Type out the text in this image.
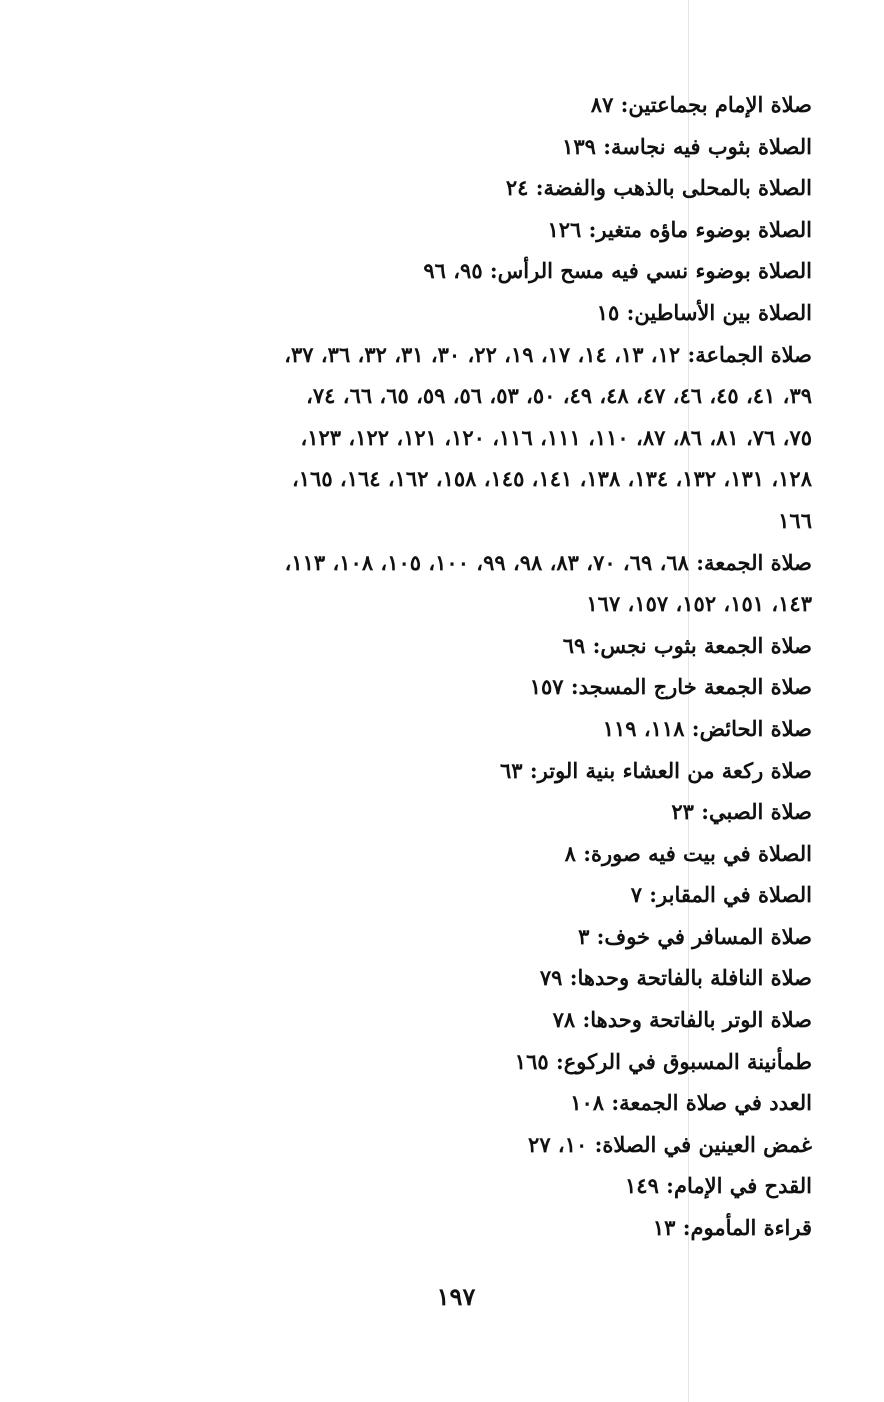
صلاة الإمام بجماعتين: ٨٧
الصلاة بثوب فيه نجاسة: ١٣٩
الصلاة بالمحلى بالذهب والفضة: ٢٤
الصلاة بوضوء ماؤه متغير: ١٢٦
الصلاة بوضوء نسي فيه مسح الرأس: ٩٥، ٩٦
الصلاة بين الأساطين: ١٥
صلاة الجماعة: ١٢، ١٣، ١٤، ١٧، ١٩، ٢٢، ٣٠، ٣١، ٣٢، ٣٦، ٣٧،
٣٩، ٤١، ٤٥، ٤٦، ٤٧، ٤٨، ٤٩، ٥٠، ٥٣، ٥٦، ٥٩، ٦٥، ٦٦، ٧٤،
٧٥، ٧٦، ٨١، ٨٦، ٨٧، ١١٠، ١١١، ١١٦، ١٢٠، ١٢١، ١٢٢، ١٢٣،
١٢٨، ١٣١، ١٣٢، ١٣٤، ١٣٨، ١٤١، ١٤٥، ١٥٨، ١٦٢، ١٦٤، ١٦٥،
١٦٦
صلاة الجمعة: ٦٨، ٦٩، ٧٠، ٨٣، ٩٨، ٩٩، ١٠٠، ١٠٥، ١٠٨، ١١٣،
١٤٣، ١٥١، ١٥٢، ١٥٧، ١٦٧
صلاة الجمعة بثوب نجس: ٦٩
صلاة الجمعة خارج المسجد: ١٥٧
صلاة الحائض: ١١٨، ١١٩
صلاة ركعة من العشاء بنية الوتر: ٦٣
صلاة الصبي: ٢٣
الصلاة في بيت فيه صورة: ٨
الصلاة في المقابر: ٧
صلاة المسافر في خوف: ٣
صلاة النافلة بالفاتحة وحدها: ٧٩
صلاة الوتر بالفاتحة وحدها: ٧٨
طمأنينة المسبوق في الركوع: ١٦٥
العدد في صلاة الجمعة: ١٠٨
غمض العينين في الصلاة: ١٠، ٢٧
القدح في الإمام: ١٤٩
قراءة المأموم: ١٣
١٩٧
